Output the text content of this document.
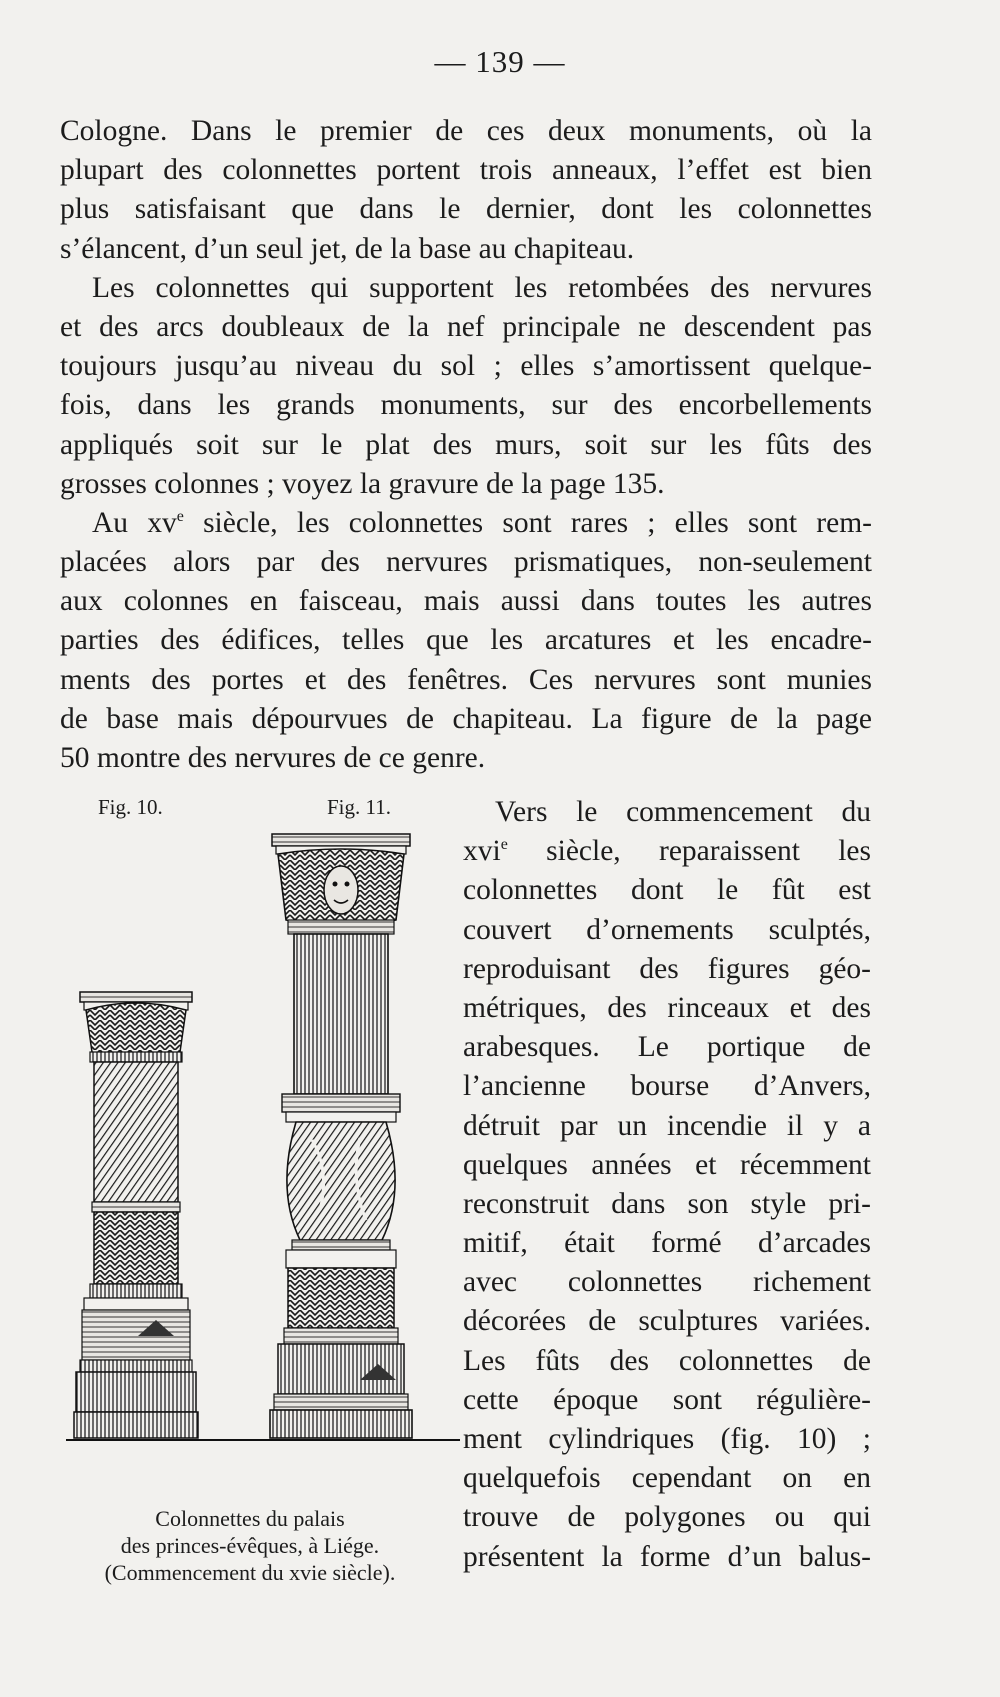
— 139 —
Cologne. Dans le premier de ces deux monuments, où la
plupart des colonnettes portent trois anneaux, l’effet est bien
plus satisfaisant que dans le dernier, dont les colonnettes
s’élancent, d’un seul jet, de la base au chapiteau.
Les colonnettes qui supportent les retombées des nervures
et des arcs doubleaux de la nef principale ne descendent pas
toujours jusqu’au niveau du sol ; elles s’amortissent quelque-
fois, dans les grands monuments, sur des encorbellements
appliqués soit sur le plat des murs, soit sur les fûts des
grosses colonnes ; voyez la gravure de la page 135.
Au $xv^e$ siècle, les colonnettes sont rares ; elles sont rem-
placées alors par des nervures prismatiques, non-seulement
aux colonnes en faisceau, mais aussi dans toutes les autres
parties des édifices, telles que les arcatures et les encadre-
ments des portes et des fenêtres. Ces nervures sont munies
de base mais dépourvues de chapiteau. La figure de la page
50 montre des nervures de ce genre.
Fig. 10.	Fig. 11.	Vers le commencement du
xvi$^e$ siècle, reparaissent les
colonnettes dont le fût est
couvert d’ornements sculptés,
reproduisant des figures géo-
métriques, des rinceaux et des
arabesques. Le portique de
l’ancienne bourse d’Anvers,
détruit par un incendie il y a
quelques années et récemment
reconstruit dans son style pri-
mitif, était formé d’arcades
avec colonnettes richement
décorées de sculptures variées.
Les fûts des colonnettes de
cette époque sont régulière-
ment cylindriques (fig. 10) ;
quelquefois cependant on en
trouve de polygones ou qui
présentent la forme d’un balus-
Colonnettes du palais
des princes-évêques, à Liége.
(Commencement du xvie siècle).
